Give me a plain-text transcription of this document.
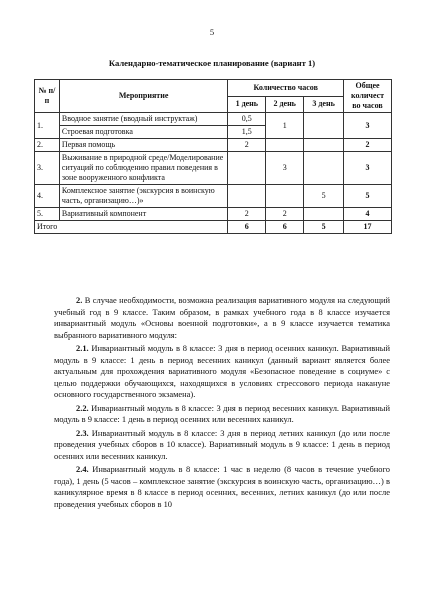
5
Календарно-тематическое планирование (вариант 1)
№ п/п	Мероприятие	Количество часов			Общее количест во часов
		1 день	2 день	3 день	
1.	Вводное занятие (вводный инструктаж)	0,5	1		3
	Строевая подготовка	1,5			
2.	Первая помощь	2			2
3.	Выживание в природной среде/Моделирование ситуаций по соблюдению правил поведения в зоне вооруженного конфликта		3		3
4.	Комплексное занятие (экскурсия в воинскую часть, организацию…)»			5	5
5.	Вариативный компонент	2	2		4
Итого		6	6	5	17

2. В случае необходимости, возможна реализация вариативного модуля на следующий учебный год в 9 классе. Таким образом, в рамках учебного года в 8 классе изучается инвариантный модуль «Основы военной подготовки», а в 9 классе изучается тематика выбранного вариативного модуля:

2.1. Инвариантный модуль в 8 классе: 3 дня в период осенних каникул. Вариативный модуль в 9 классе: 1 день в период весенних каникул (данный вариант является более актуальным для прохождения вариативного модуля «Безопасное поведение в социуме» с целью поддержки обучающихся, находящихся в условиях стрессового периода накануне основного государственного экзамена).

2.2. Инвариантный модуль в 8 классе: 3 дня в период весенних каникул. Вариативный модуль в 9 классе: 1 день в период осенних или весенних каникул.

2.3. Инвариантный модуль в 8 классе: 3 дня в период летних каникул (до или после проведения учебных сборов в 10 классе). Вариативный модуль в 9 классе: 1 день в период осенних или весенних каникул.

2.4. Инвариантный модуль в 8 классе: 1 час в неделю (8 часов в течение учебного года), 1 день (5 часов – комплексное занятие (экскурсия в воинскую часть, организацию…) в каникулярное время в 8 классе в период осенних, весенних, летних каникул (до или после проведения учебных сборов в 10
